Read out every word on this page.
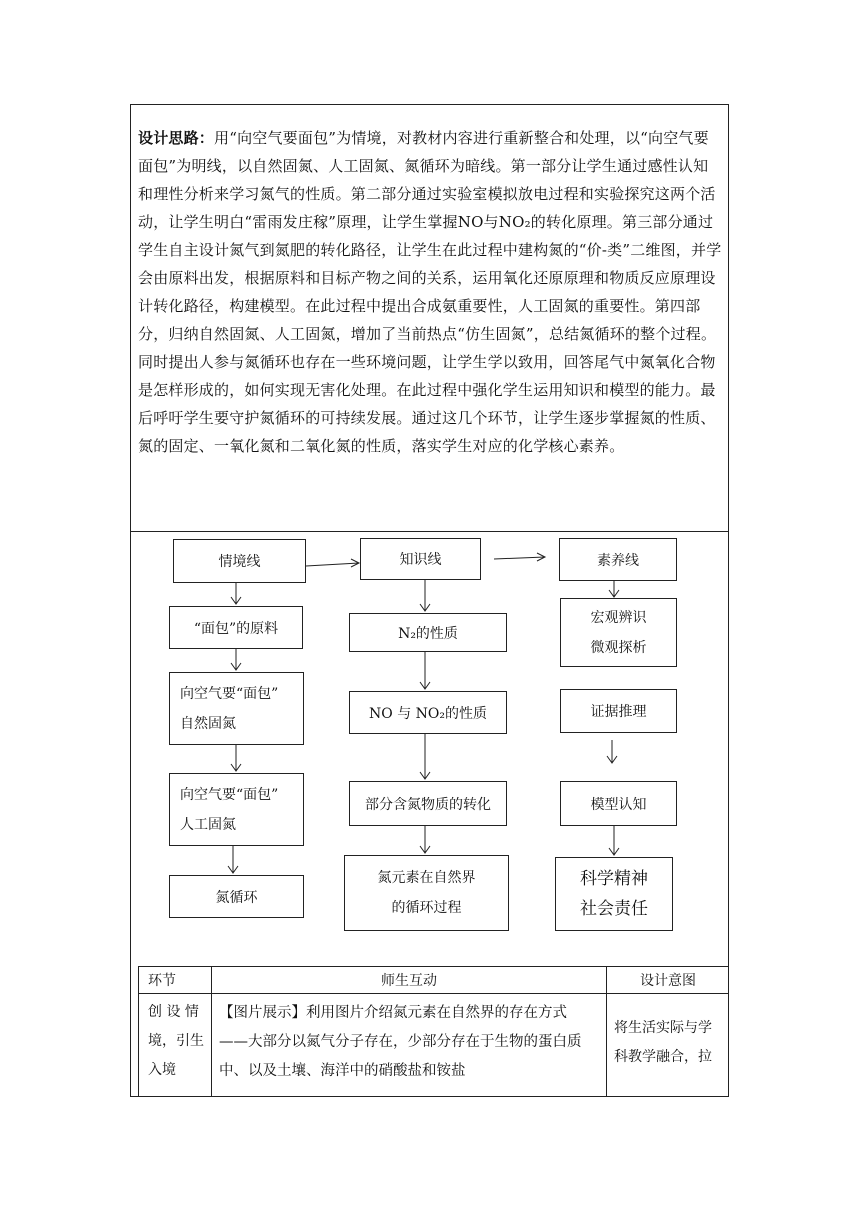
设计思路：用“向空气要面包”为情境，对教材内容进行重新整合和处理，以“向空气要面包”为明线，以自然固氮、人工固氮、氮循环为暗线。第一部分让学生通过感性认知和理性分析来学习氮气的性质。第二部分通过实验室模拟放电过程和实验探究这两个活动，让学生明白“雷雨发庄稼”原理，让学生掌握NO与NO₂的转化原理。第三部分通过学生自主设计氮气到氮肥的转化路径，让学生在此过程中建构氮的“价-类”二维图，并学会由原料出发，根据原料和目标产物之间的关系，运用氧化还原原理和物质反应原理设计转化路径，构建模型。在此过程中提出合成氨重要性，人工固氮的重要性。第四部分，归纳自然固氮、人工固氮，增加了当前热点“仿生固氮”，总结氮循环的整个过程。同时提出人参与氮循环也存在一些环境问题，让学生学以致用，回答尾气中氮氧化合物是怎样形成的，如何实现无害化处理。在此过程中强化学生运用知识和模型的能力。最后呼吁学生要守护氮循环的可持续发展。通过这几个环节，让学生逐步掌握氮的性质、氮的固定、一氧化氮和二氧化氮的性质，落实学生对应的化学核心素养。

情境线
“面包”的原料
向空气要“面包”
自然固氮
向空气要“面包”
人工固氮
氮循环
知识线
N₂的性质
NO 与 NO₂的性质
部分含氮物质的转化
氮元素在自然界
的循环过程
素养线
宏观辨识
微观探析
证据推理
模型认知
科学精神
社会责任
环节	师生互动	设计意图
创 设 情
境，引生
入境
【图片展示】利用图片介绍氮元素在自然界的存在方式
——大部分以氮气分子存在，少部分存在于生物的蛋白质
中、以及土壤、海洋中的硝酸盐和铵盐
将生活实际与学
科教学融合，拉
